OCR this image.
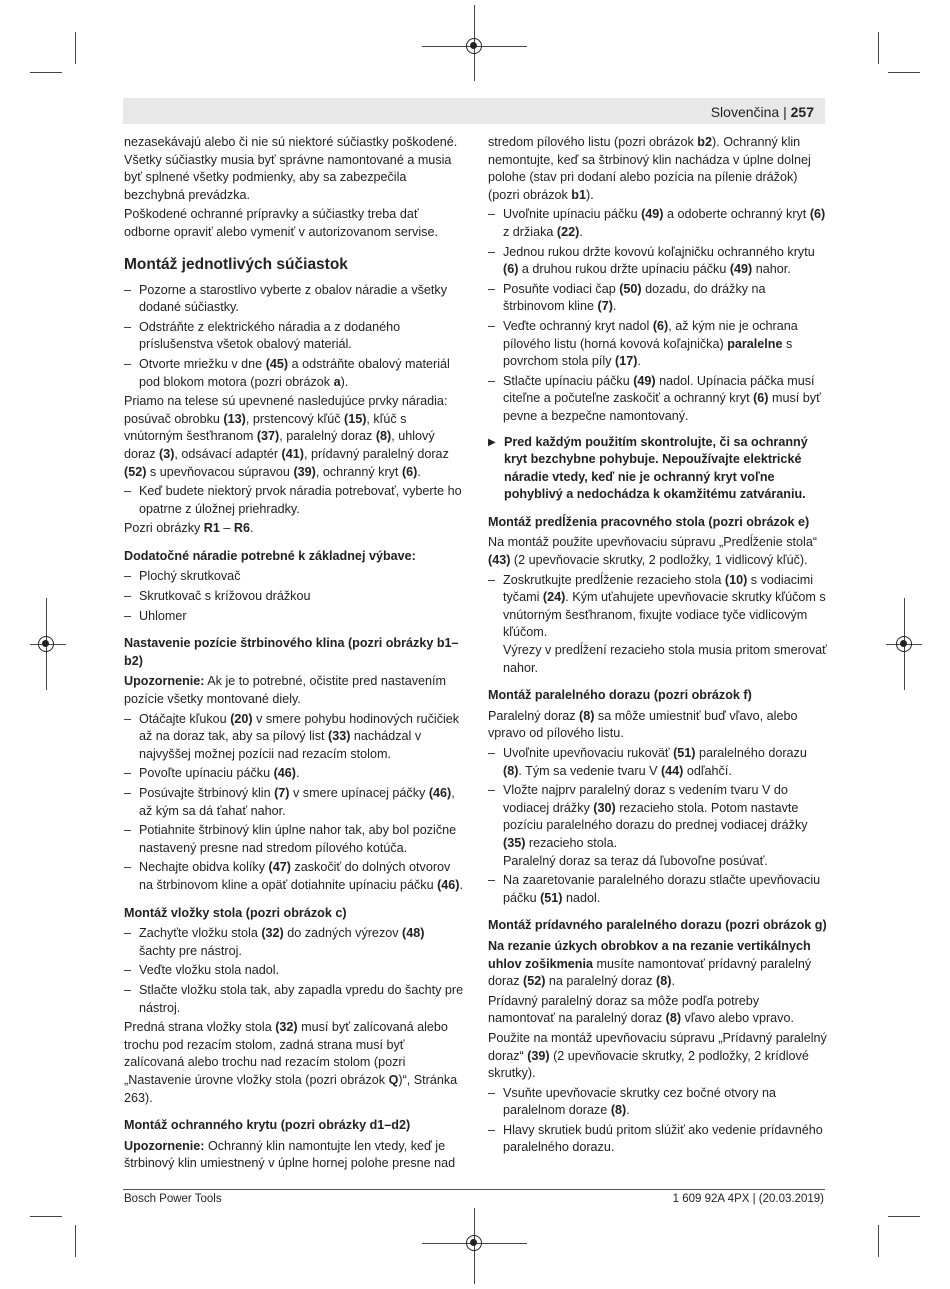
Slovenčina | 257

nezasekávajú alebo či nie sú niektoré súčiastky poškodené. Všetky súčiastky musia byť správne namontované a musia byť splnené všetky podmienky, aby sa zabezpečila bezchybná prevádzka.

Poškodené ochranné prípravky a súčiastky treba dať odborne opraviť alebo vymeniť v autorizovanom servise.

Montáž jednotlivých súčiastok
– Pozorne a starostlivo vyberte z obalov náradie a všetky dodané súčiastky.
– Odstráňte z elektrického náradia a z dodaného príslušenstva všetok obalový materiál.
– Otvorte mriežku v dne (45) a odstráňte obalový materiál pod blokom motora (pozri obrázok a).

Priamo na telese sú upevnené nasledujúce prvky náradia: posúvač obrobku (13), prstencový kľúč (15), kľúč s vnútorným šesťhranom (37), paralelný doraz (8), uhlový doraz (3), odsávací adaptér (41), prídavný paralelný doraz (52) s upevňovacou súpravou (39), ochranný kryt (6).

– Keď budete niektorý prvok náradia potrebovať, vyberte ho opatrne z úložnej priehradky.

Pozri obrázky R1 – R6.

Dodatočné náradie potrebné k základnej výbave:
– Plochý skrutkovač
– Skrutkovač s krížovou drážkou
– Uhlomer
Nastavenie pozície štrbinového klina (pozri obrázky b1–b2)

Upozornenie: Ak je to potrebné, očistite pred nastavením pozície všetky montované diely.

– Otáčajte kľukou (20) v smere pohybu hodinových ručičiek až na doraz tak, aby sa pílový list (33) nachádzal v najvyššej možnej pozícii nad rezacím stolom.
– Povoľte upínaciu páčku (46).
– Posúvajte štrbinový klin (7) v smere upínacej páčky (46), až kým sa dá ťahať nahor.
– Potiahnite štrbinový klin úplne nahor tak, aby bol pozične nastavený presne nad stredom pílového kotúča.
– Nechajte obidva kolíky (47) zaskočiť do dolných otvorov na štrbinovom kline a opäť dotiahnite upínaciu páčku (46).
Montáž vložky stola (pozri obrázok c)
– Zachyťte vložku stola (32) do zadných výrezov (48) šachty pre nástroj.
– Veďte vložku stola nadol.
– Stlačte vložku stola tak, aby zapadla vpredu do šachty pre nástroj.

Predná strana vložky stola (32) musí byť zalícovaná alebo trochu pod rezacím stolom, zadná strana musí byť zalícovaná alebo trochu nad rezacím stolom (pozri „Nastavenie úrovne vložky stola (pozri obrázok Q)“, Stránka 263).

Montáž ochranného krytu (pozri obrázky d1–d2)

Upozornenie: Ochranný klin namontujte len vtedy, keď je štrbinový klin umiestnený v úplne hornej polohe presne nad

stredom pílového listu (pozri obrázok b2). Ochranný klin nemontujte, keď sa štrbinový klin nachádza v úplne dolnej polohe (stav pri dodaní alebo pozícia na pílenie drážok) (pozri obrázok b1).

– Uvoľnite upínaciu páčku (49) a odoberte ochranný kryt (6) z držiaka (22).
– Jednou rukou držte kovovú koľajničku ochranného krytu (6) a druhou rukou držte upínaciu páčku (49) nahor.
– Posuňte vodiaci čap (50) dozadu, do drážky na štrbinovom kline (7).
– Veďte ochranný kryt nadol (6), až kým nie je ochrana pílového listu (horná kovová koľajnička) paralelne s povrchom stola píly (17).
– Stlačte upínaciu páčku (49) nadol. Upínacia páčka musí citeľne a počuteľne zaskočiť a ochranný kryt (6) musí byť pevne a bezpečne namontovaný.
▶ Pred každým použitím skontrolujte, či sa ochranný kryt bezchybne pohybuje. Nepoužívajte elektrické náradie vtedy, keď nie je ochranný kryt voľne pohyblivý a nedochádza k okamžitému zatváraniu.
Montáž predĺženia pracovného stola (pozri obrázok e)

Na montáž použite upevňovaciu súpravu „Predĺženie stola“ (43) (2 upevňovacie skrutky, 2 podložky, 1 vidlicový kľúč).

– Zoskrutkujte predĺženie rezacieho stola (10) s vodiacimi tyčami (24). Kým uťahujete upevňovacie skrutky kľúčom s vnútorným šesťhranom, fixujte vodiace tyče vidlicovým kľúčom.
Výrezy v predĺžení rezacieho stola musia pritom smerovať nahor.
Montáž paralelného dorazu (pozri obrázok f)

Paralelný doraz (8) sa môže umiestniť buď vľavo, alebo vpravo od pílového listu.

– Uvoľnite upevňovaciu rukoväť (51) paralelného dorazu (8). Tým sa vedenie tvaru V (44) odľahčí.
– Vložte najprv paralelný doraz s vedením tvaru V do vodiacej drážky (30) rezacieho stola. Potom nastavte pozíciu paralelného dorazu do prednej vodiacej drážky (35) rezacieho stola.
Paralelný doraz sa teraz dá ľubovoľne posúvať.
– Na zaaretovanie paralelného dorazu stlačte upevňovaciu páčku (51) nadol.
Montáž prídavného paralelného dorazu (pozri obrázok g)

Na rezanie úzkych obrobkov a na rezanie vertikálnych uhlov zošikmenia musíte namontovať prídavný paralelný doraz (52) na paralelný doraz (8).

Prídavný paralelný doraz sa môže podľa potreby namontovať na paralelný doraz (8) vľavo alebo vpravo.

Použite na montáž upevňovaciu súpravu „Prídavný paralelný doraz“ (39) (2 upevňovacie skrutky, 2 podložky, 2 krídlové skrutky).

– Vsuňte upevňovacie skrutky cez bočné otvory na paralelnom doraze (8).
– Hlavy skrutiek budú pritom slúžiť ako vedenie prídavného paralelného dorazu.
Bosch Power Tools	1 609 92A 4PX | (20.03.2019)
